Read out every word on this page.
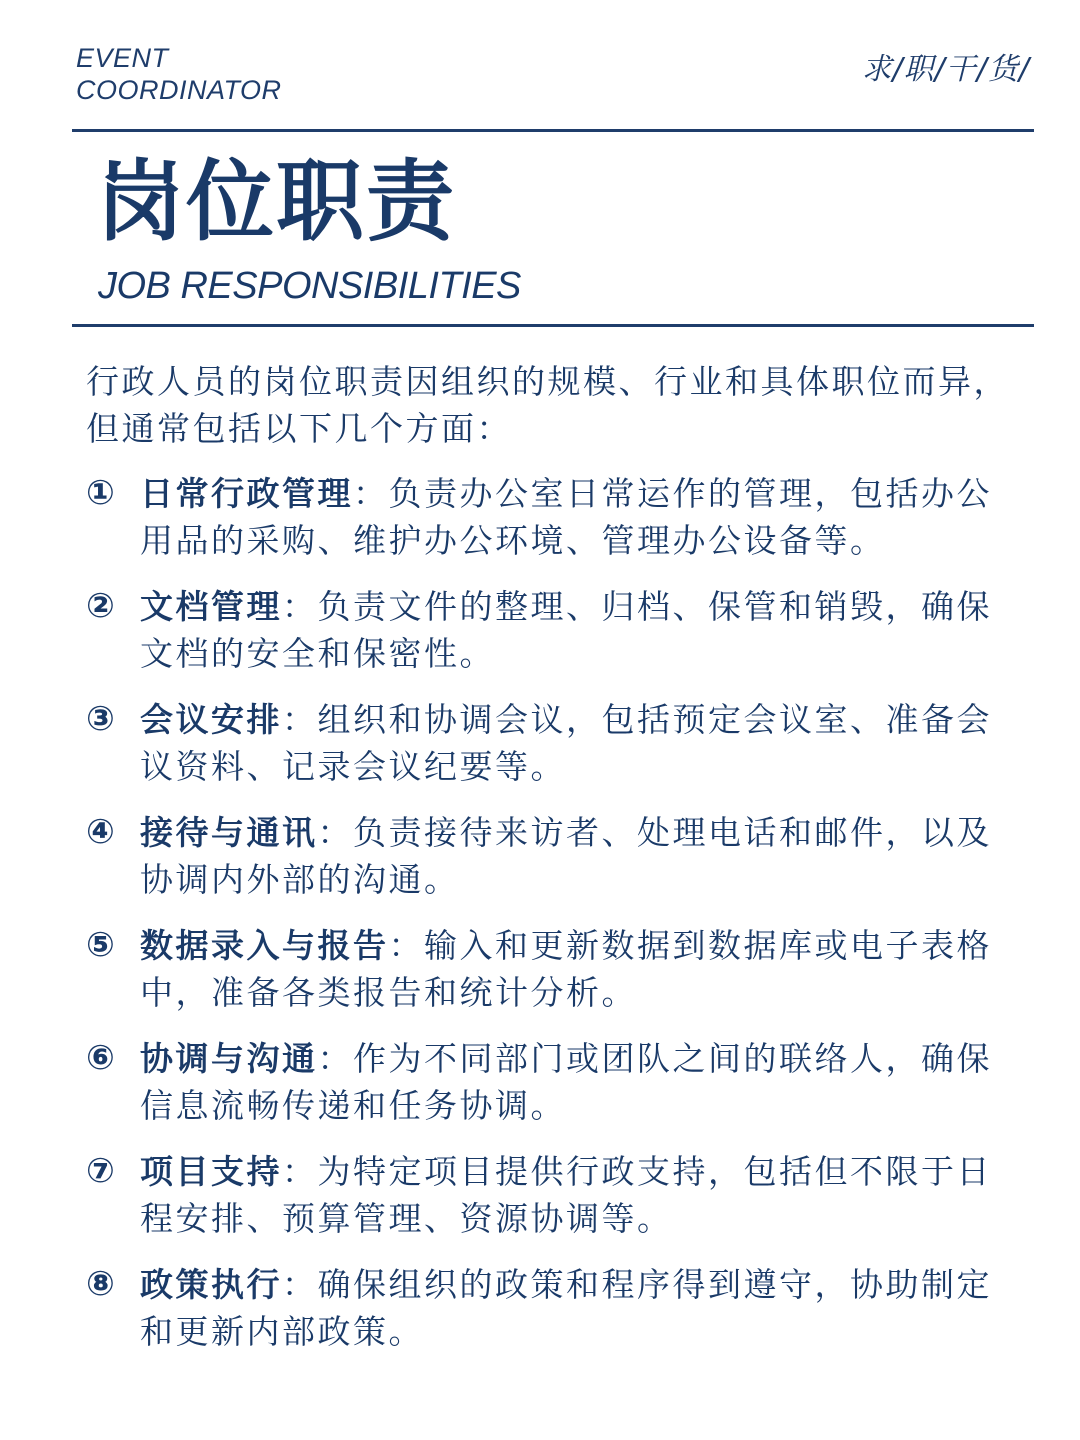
EVENT
COORDINATOR
求/职/干/货/
岗位职责
JOB RESPONSIBILITIES
行政人员的岗位职责因组织的规模、行业和具体职位而异，但通常包括以下几个方面：
① 日常行政管理：负责办公室日常运作的管理，包括办公用品的采购、维护办公环境、管理办公设备等。
② 文档管理：负责文件的整理、归档、保管和销毁，确保文档的安全和保密性。
③ 会议安排：组织和协调会议，包括预定会议室、准备会议资料、记录会议纪要等。
④ 接待与通讯：负责接待来访者、处理电话和邮件，以及协调内外部的沟通。
⑤ 数据录入与报告：输入和更新数据到数据库或电子表格中，准备各类报告和统计分析。
⑥ 协调与沟通：作为不同部门或团队之间的联络人，确保信息流畅传递和任务协调。
⑦ 项目支持：为特定项目提供行政支持，包括但不限于日程安排、预算管理、资源协调等。
⑧ 政策执行：确保组织的政策和程序得到遵守，协助制定和更新内部政策。
